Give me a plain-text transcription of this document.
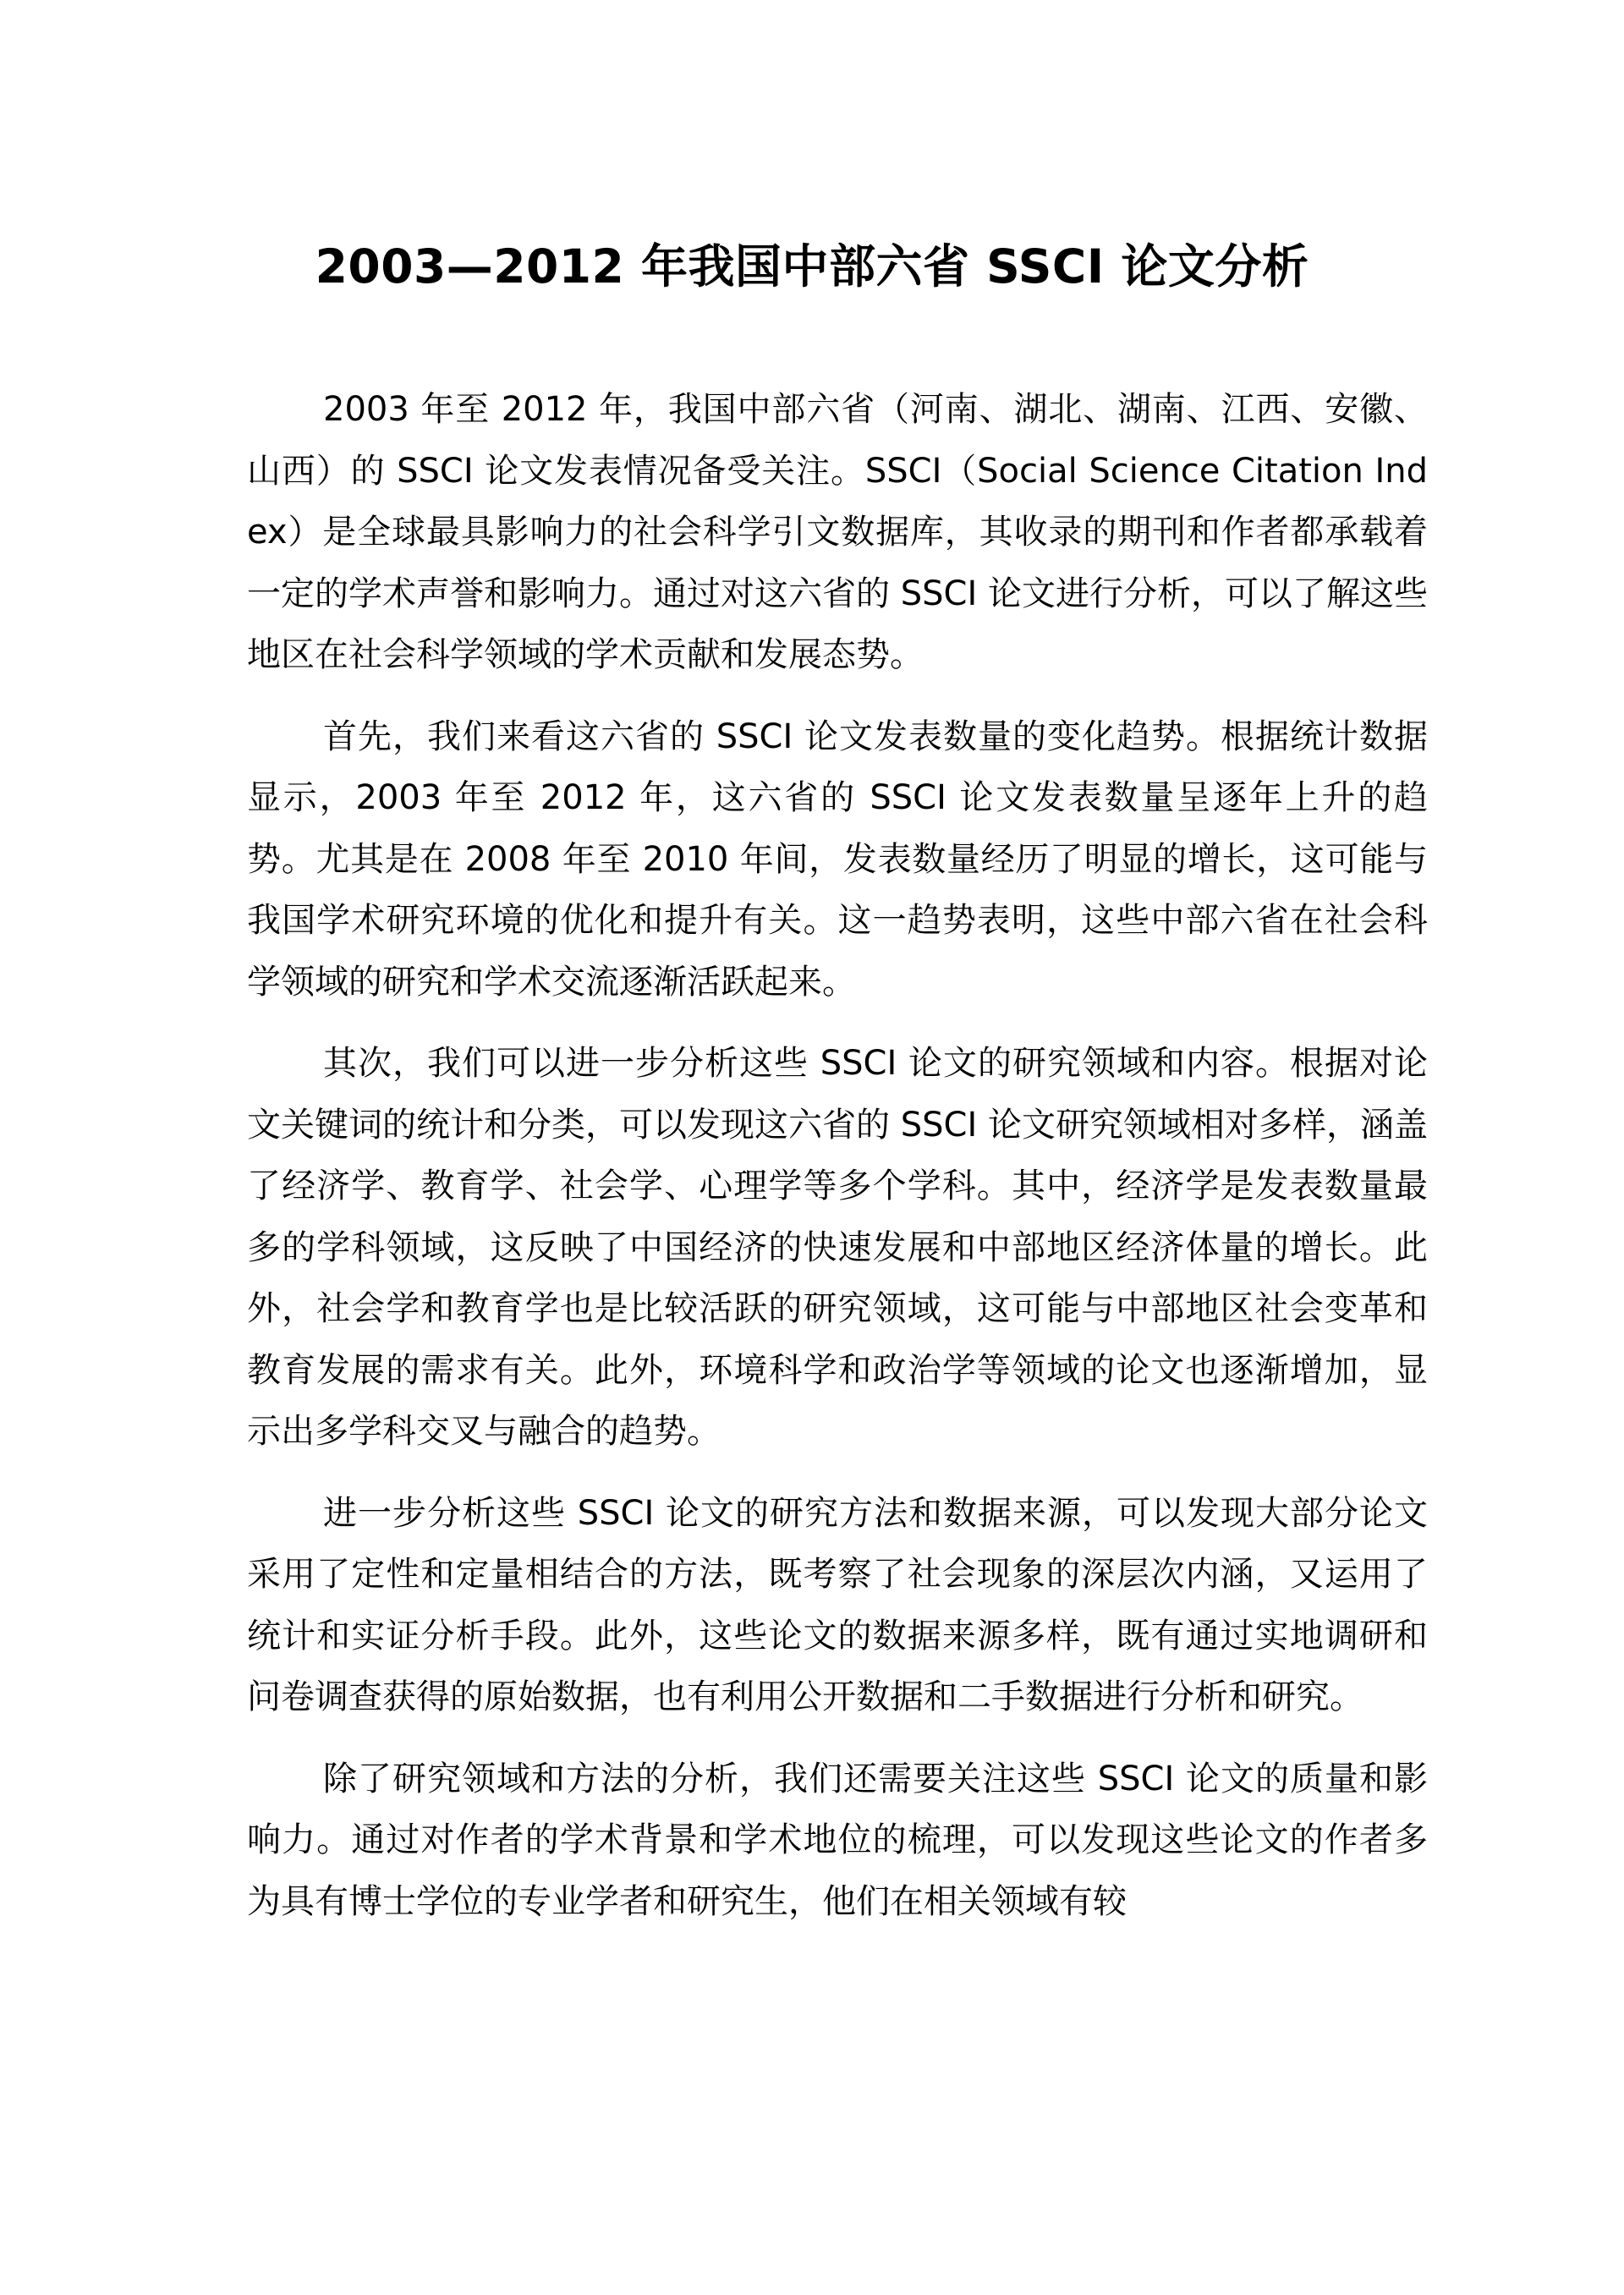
2003—2012 年我国中部六省 SSCI 论文分析

2003 年至 2012 年，我国中部六省（河南、湖北、湖南、江西、安徽、山西）的 SSCI 论文发表情况备受关注。SSCI（Social Science Citation Index）是全球最具影响力的社会科学引文数据库，其收录的期刊和作者都承载着一定的学术声誉和影响力。通过对这六省的 SSCI 论文进行分析，可以了解这些地区在社会科学领域的学术贡献和发展态势。

首先，我们来看这六省的 SSCI 论文发表数量的变化趋势。根据统计数据显示，2003 年至 2012 年，这六省的 SSCI 论文发表数量呈逐年上升的趋势。尤其是在 2008 年至 2010 年间，发表数量经历了明显的增长，这可能与我国学术研究环境的优化和提升有关。这一趋势表明，这些中部六省在社会科学领域的研究和学术交流逐渐活跃起来。

其次，我们可以进一步分析这些 SSCI 论文的研究领域和内容。根据对论文关键词的统计和分类，可以发现这六省的 SSCI 论文研究领域相对多样，涵盖了经济学、教育学、社会学、心理学等多个学科。其中，经济学是发表数量最多的学科领域，这反映了中国经济的快速发展和中部地区经济体量的增长。此外，社会学和教育学也是比较活跃的研究领域，这可能与中部地区社会变革和教育发展的需求有关。此外，环境科学和政治学等领域的论文也逐渐增加，显示出多学科交叉与融合的趋势。

进一步分析这些 SSCI 论文的研究方法和数据来源，可以发现大部分论文采用了定性和定量相结合的方法，既考察了社会现象的深层次内涵，又运用了统计和实证分析手段。此外，这些论文的数据来源多样，既有通过实地调研和问卷调查获得的原始数据，也有利用公开数据和二手数据进行分析和研究。

除了研究领域和方法的分析，我们还需要关注这些 SSCI 论文的质量和影响力。通过对作者的学术背景和学术地位的梳理，可以发现这些论文的作者多为具有博士学位的专业学者和研究生，他们在相关领域有较
